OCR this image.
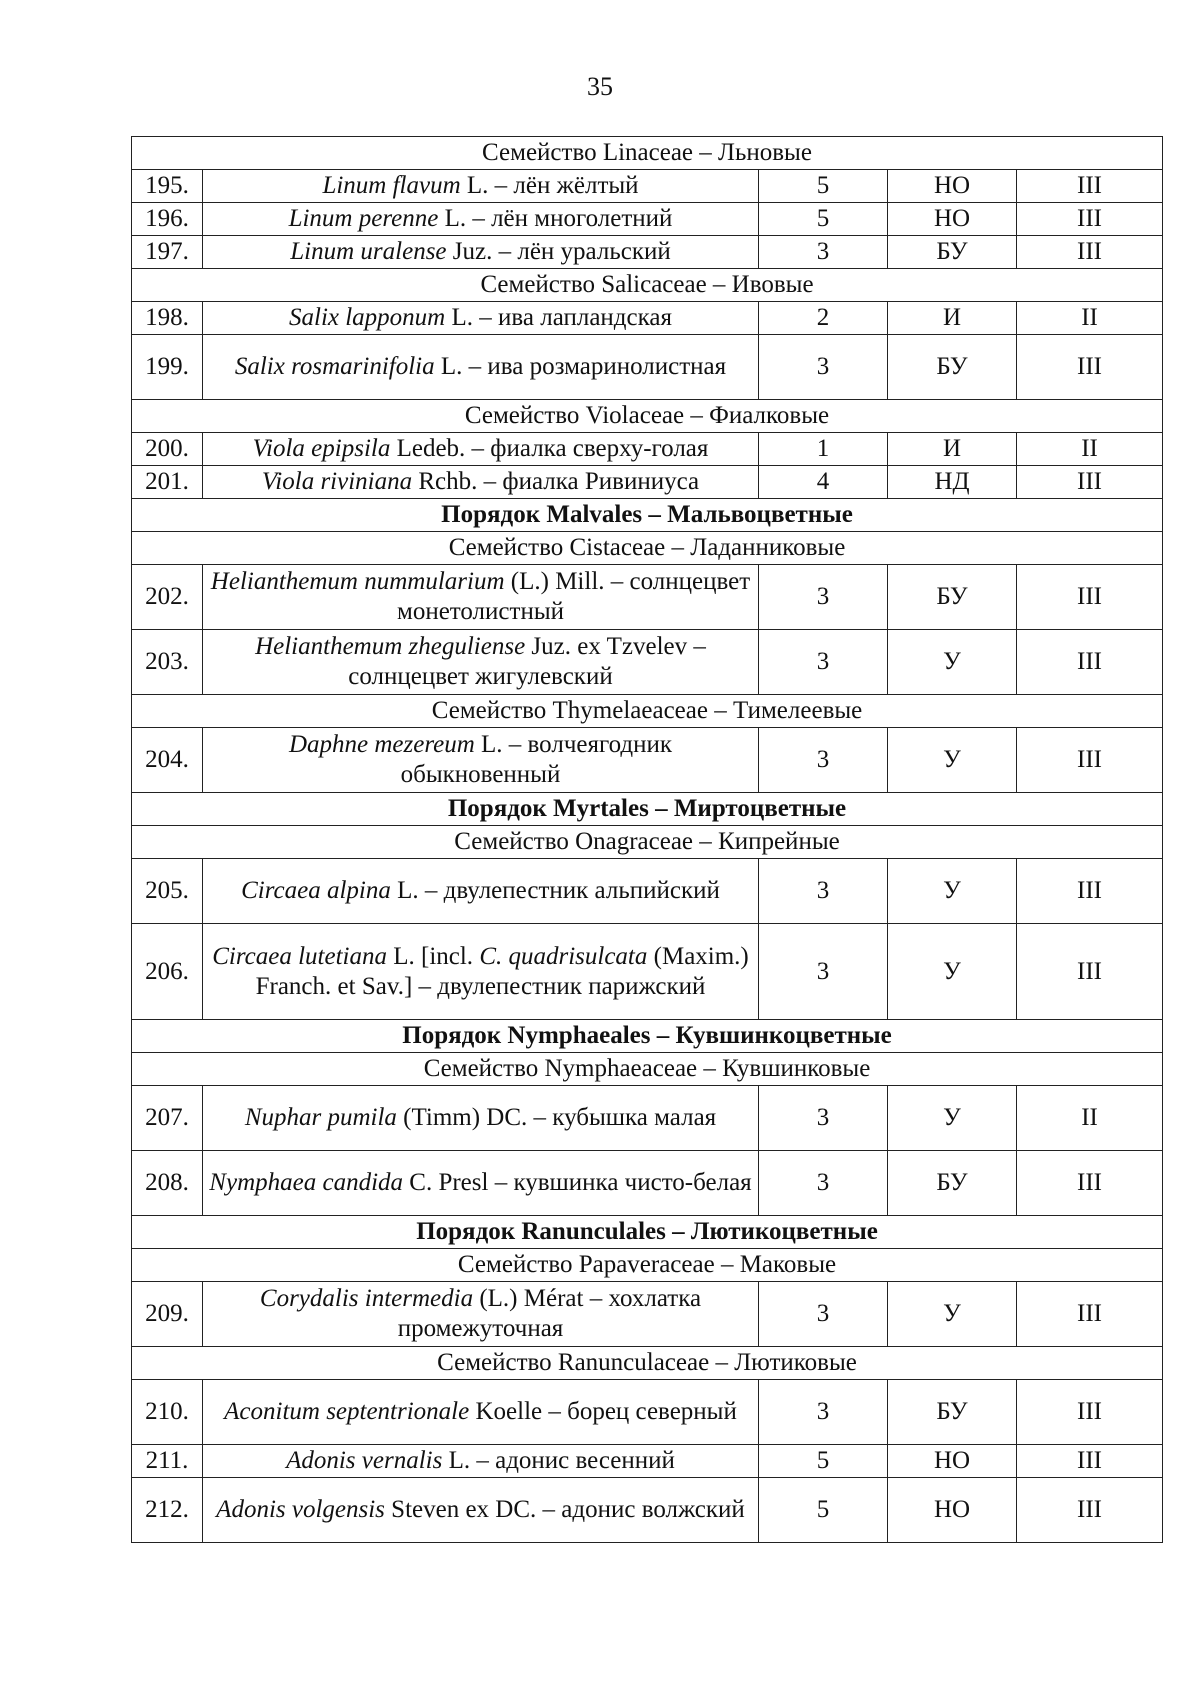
35
Семейство Linaceae – Льновые				
195.	Linum flavum L. – лён жёлтый	5	НО	III
196.	Linum perenne L. – лён многолетний	5	НО	III
197.	Linum uralense Juz. – лён уральский	3	БУ	III
Семейство Salicaceae – Ивовые				
198.	Salix lapponum L. – ива лапландская	2	И	II
199.	Salix rosmarinifolia L. – ива розмаринолистная	3	БУ	III
Семейство Violaceae – Фиалковые				
200.	Viola epipsila Ledeb. – фиалка сверху-голая	1	И	II
201.	Viola riviniana Rchb. – фиалка Ривиниуса	4	НД	III
Порядок Malvales – Мальвоцветные				
Семейство Cistaceae – Ладанниковые				
202.	Helianthemum nummularium (L.) Mill. – солнцецвет монетолистный	3	БУ	III
203.	Helianthemum zheguliense Juz. ex Tzvelev – солнцецвет жигулевский	3	У	III
Семейство Thymelaeaceae – Тимелеевые				
204.	Daphne mezereum L. – волчеягодник обыкновенный	3	У	III
Порядок Myrtales – Миртоцветные				
Семейство Onagraceae – Кипрейные				
205.	Circaea alpina L. – двулепестник альпийский	3	У	III
206.	Circaea lutetiana L. [incl. C. quadrisulcata (Maxim.) Franch. et Sav.] – двулепестник парижский	3	У	III
Порядок Nymphaeales – Кувшинкоцветные				
Семейство Nymphaeaceae – Кувшинковые				
207.	Nuphar pumila (Timm) DC. – кубышка малая	3	У	II
208.	Nymphaea candida C. Presl – кувшинка чисто-белая	3	БУ	III
Порядок Ranunculales – Лютикоцветные				
Семейство Papaveraceae – Маковые				
209.	Corydalis intermedia (L.) Mérat – хохлатка промежуточная	3	У	III
Семейство Ranunculaceae – Лютиковые				
210.	Aconitum septentrionale Koelle – борец северный	3	БУ	III
211.	Adonis vernalis L. – адонис весенний	5	НО	III
212.	Adonis volgensis Steven ex DC. – адонис волжский	5	НО	III
